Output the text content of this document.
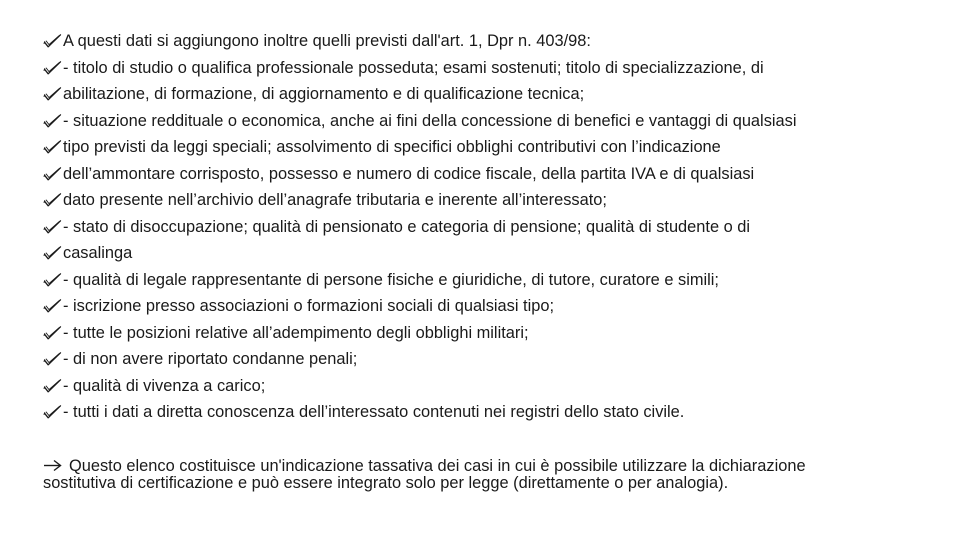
A questi dati si aggiungono inoltre quelli previsti dall'art. 1, Dpr n. 403/98:
- titolo di studio o qualifica professionale posseduta; esami sostenuti; titolo di specializzazione, di
abilitazione, di formazione, di aggiornamento e di qualificazione tecnica;
- situazione reddituale o economica, anche ai fini della concessione di benefici e vantaggi di qualsiasi
tipo previsti da leggi speciali; assolvimento di specifici obblighi contributivi con l’indicazione
dell’ammontare corrisposto, possesso e numero di codice fiscale, della partita IVA e di qualsiasi
dato presente nell’archivio dell’anagrafe tributaria e inerente all’interessato;
- stato di disoccupazione; qualità di pensionato e categoria di pensione; qualità di studente o di
casalinga
- qualità di legale rappresentante di persone fisiche e giuridiche, di tutore, curatore e simili;
- iscrizione presso associazioni o formazioni sociali di qualsiasi tipo;
- tutte le posizioni relative all’adempimento degli obblighi militari;
- di non avere riportato condanne penali;
- qualità di vivenza a carico;
- tutti i dati a diretta conoscenza dell’interessato contenuti nei registri dello stato civile.
Questo elenco costituisce un'indicazione tassativa dei casi in cui è possibile utilizzare la dichiarazione
sostitutiva di certificazione e può essere integrato solo per legge (direttamente o per analogia).
